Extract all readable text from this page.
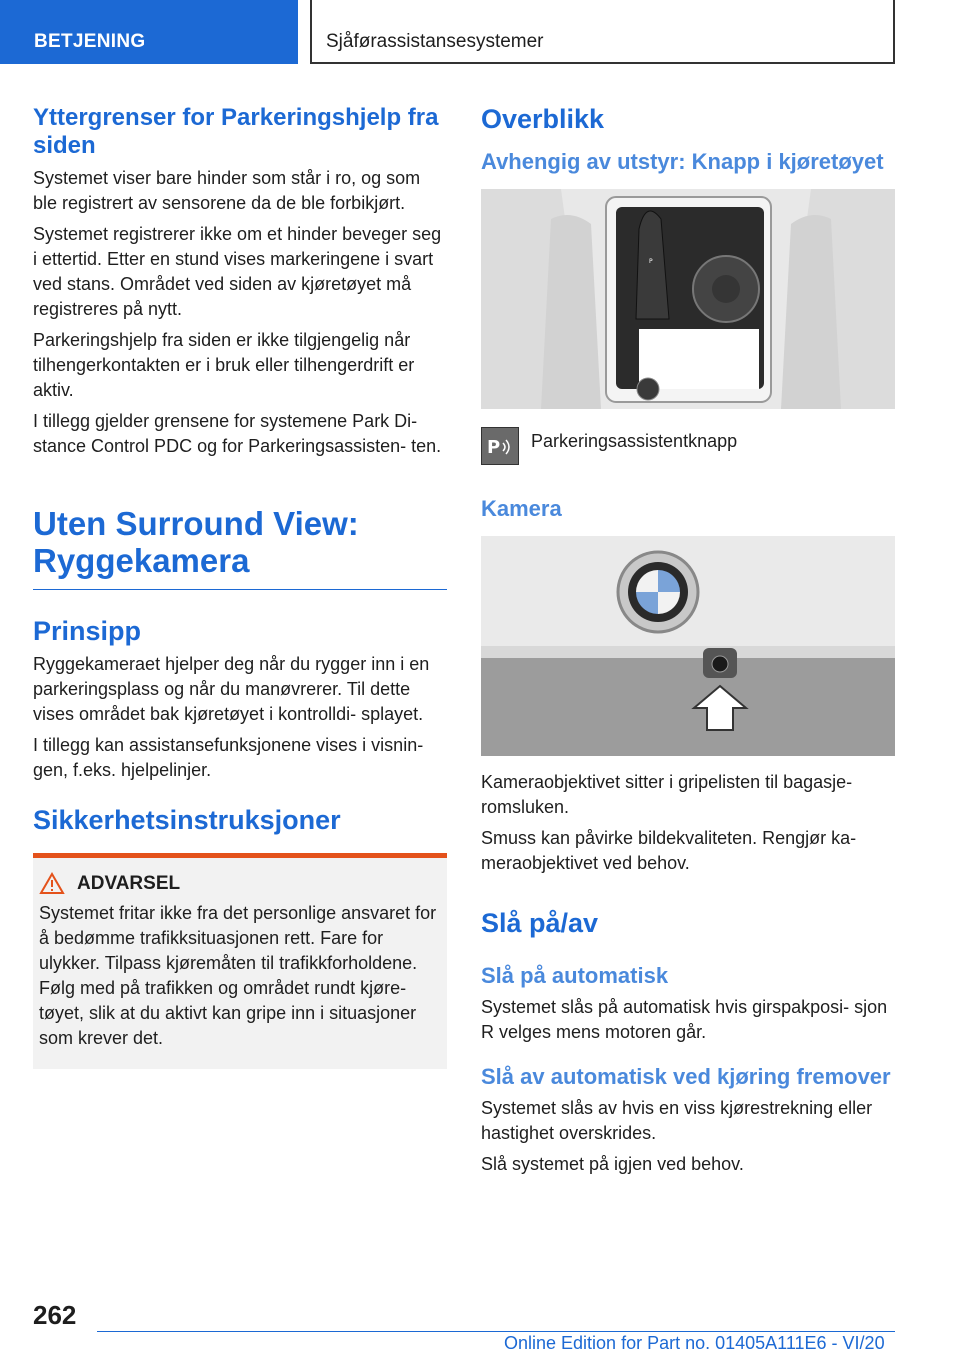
BETJENING	Sjåførassistansesystemer
Yttergrenser for Parkeringshjelp fra siden

Systemet viser bare hinder som står i ro, og som ble registrert av sensorene da de ble forbikjørt.

Systemet registrerer ikke om et hinder beveger seg i ettertid. Etter en stund vises markeringene i svart ved stans. Området ved siden av kjøretøyet må registreres på nytt.

Parkeringshjelp fra siden er ikke tilgjengelig når tilhengerkontakten er i bruk eller tilhengerdrift er aktiv.

I tillegg gjelder grensene for systemene Park Di- stance Control PDC og for Parkeringsassisten- ten.

Uten Surround View: Ryggekamera
Prinsipp

Ryggekameraet hjelper deg når du rygger inn i en parkeringsplass og når du manøvrerer. Til dette vises området bak kjøretøyet i kontrolldi- splayet.

I tillegg kan assistansefunksjonene vises i visnin- gen, f.eks. hjelpelinjer.

Sikkerhetsinstruksjoner
ADVARSEL

Systemet fritar ikke fra det personlige ansvaret for å bedømme trafikksituasjonen rett. Fare for ulykker. Tilpass kjøremåten til trafikkforholdene. Følg med på trafikken og området rundt kjøre- tøyet, slik at du aktivt kan gripe inn i situasjoner som krever det.

Overblikk
Avhengig av utstyr: Knapp i kjøretøyet
P
P Parkeringsassistentknapp
Kamera

Kameraobjektivet sitter i gripelisten til bagasje- romsluken.

Smuss kan påvirke bildekvaliteten. Rengjør ka- meraobjektivet ved behov.

Slå på/av
Slå på automatisk

Systemet slås på automatisk hvis girspakposi- sjon R velges mens motoren går.

Slå av automatisk ved kjøring fremover

Systemet slås av hvis en viss kjørestrekning eller hastighet overskrides.

Slå systemet på igjen ved behov.

262
Online Edition for Part no. 01405A111E6 - VI/20
